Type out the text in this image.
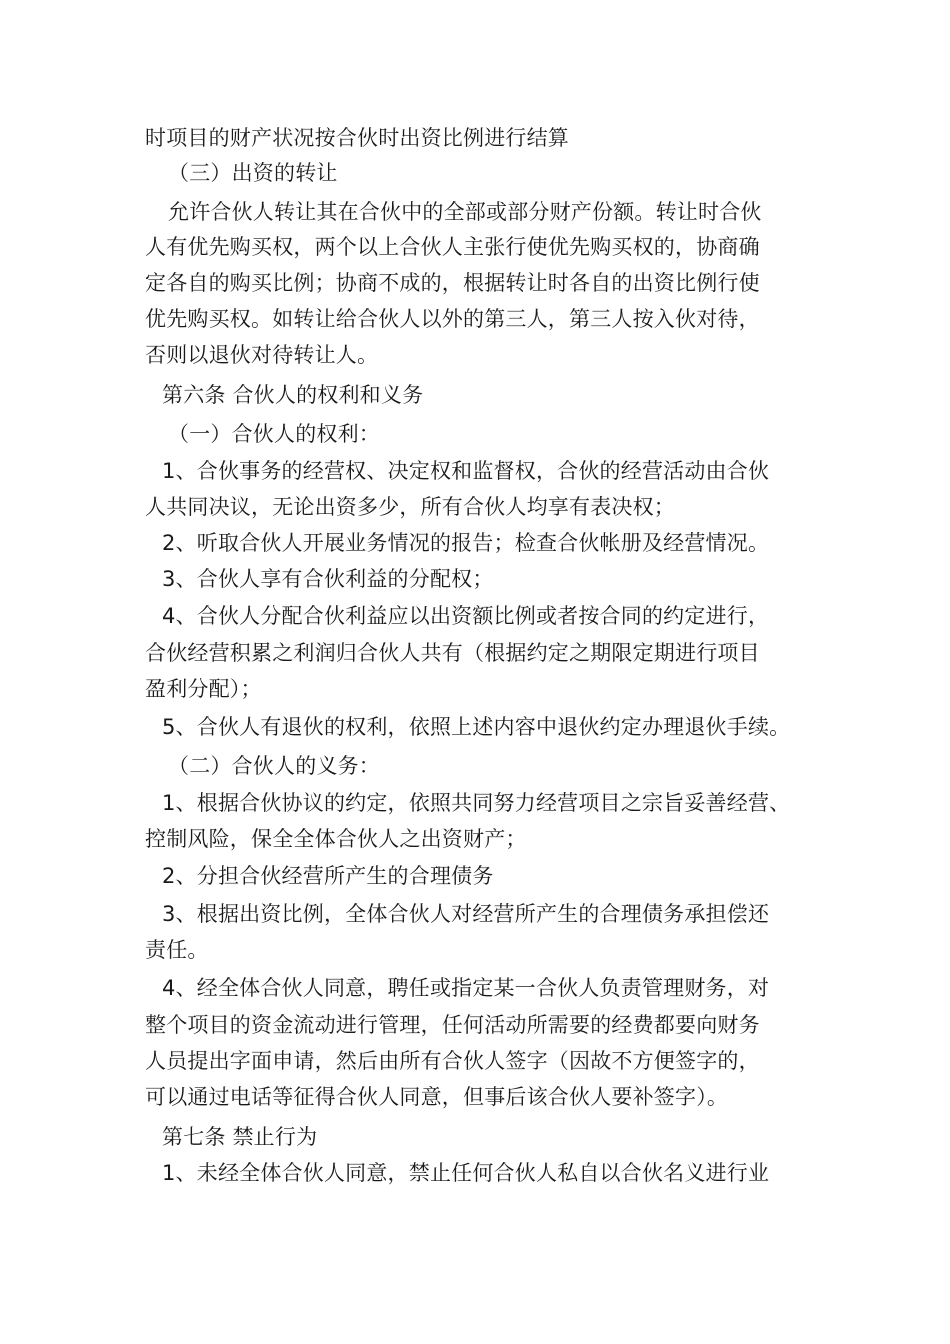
时项目的财产状况按合伙时出资比例进行结算
（三）出资的转让
允许合伙人转让其在合伙中的全部或部分财产份额。转让时合伙
人有优先购买权，两个以上合伙人主张行使优先购买权的，协商确
定各自的购买比例；协商不成的，根据转让时各自的出资比例行使
优先购买权。如转让给合伙人以外的第三人，第三人按入伙对待，
否则以退伙对待转让人。
第六条 合伙人的权利和义务
（一）合伙人的权利：
1、合伙事务的经营权、决定权和监督权，合伙的经营活动由合伙
人共同决议，无论出资多少，所有合伙人均享有表决权；
2、听取合伙人开展业务情况的报告；检查合伙帐册及经营情况。
3、合伙人享有合伙利益的分配权；
4、合伙人分配合伙利益应以出资额比例或者按合同的约定进行，
合伙经营积累之利润归合伙人共有（根据约定之期限定期进行项目
盈利分配）；
5、合伙人有退伙的权利，依照上述内容中退伙约定办理退伙手续。
（二）合伙人的义务：
1、根据合伙协议的约定，依照共同努力经营项目之宗旨妥善经营、
控制风险，保全全体合伙人之出资财产；
2、分担合伙经营所产生的合理债务
3、根据出资比例，全体合伙人对经营所产生的合理债务承担偿还
责任。
4、经全体合伙人同意，聘任或指定某一合伙人负责管理财务，对
整个项目的资金流动进行管理，任何活动所需要的经费都要向财务
人员提出字面申请，然后由所有合伙人签字（因故不方便签字的，
可以通过电话等征得合伙人同意，但事后该合伙人要补签字）。
第七条 禁止行为
1、未经全体合伙人同意，禁止任何合伙人私自以合伙名义进行业
